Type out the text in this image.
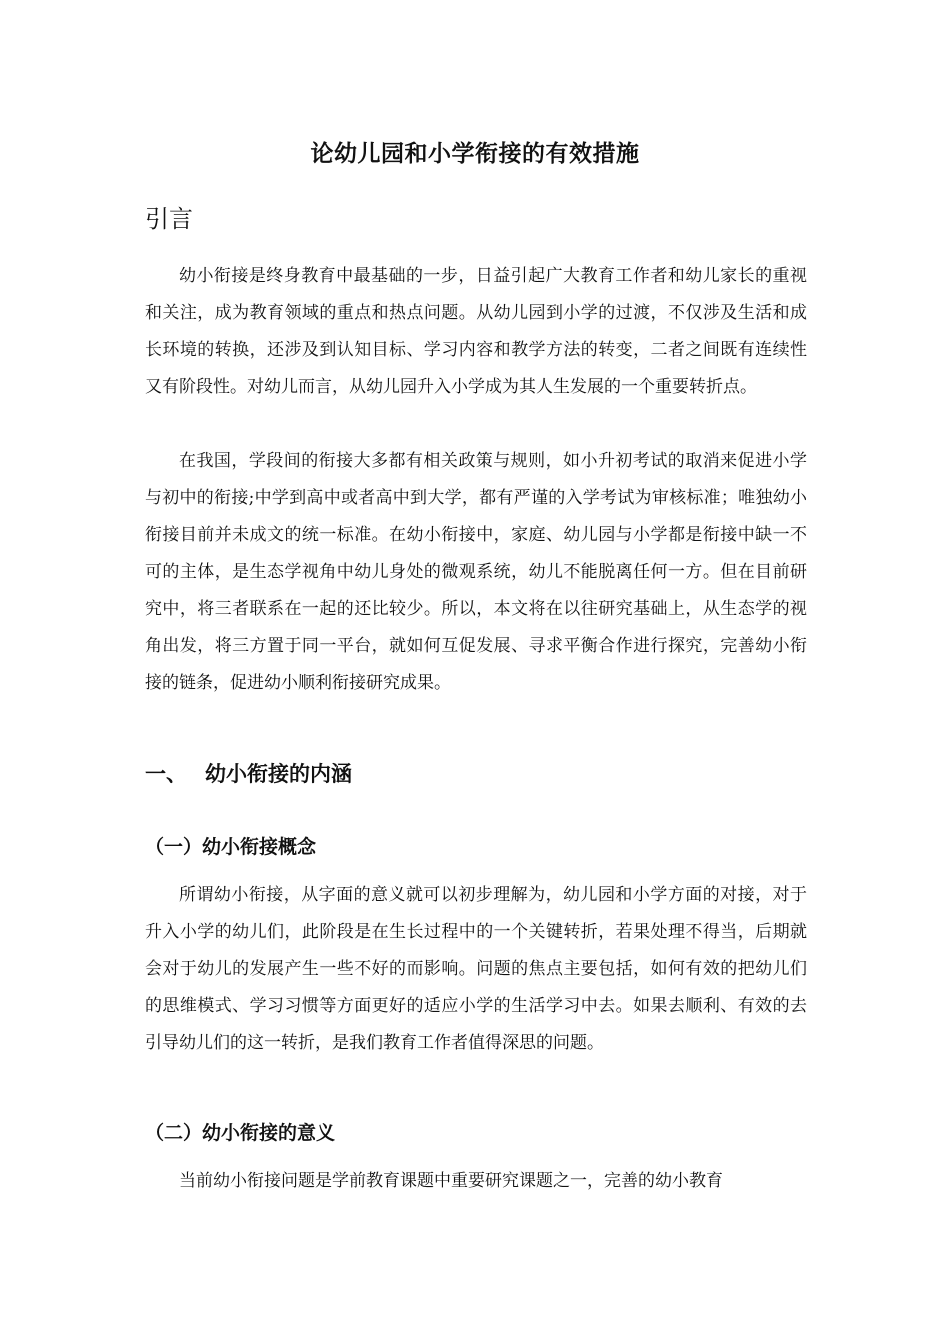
论幼儿园和小学衔接的有效措施
引言

幼小衔接是终身教育中最基础的一步，日益引起广大教育工作者和幼儿家长的重视和关注，成为教育领域的重点和热点问题。从幼儿园到小学的过渡，不仅涉及生活和成长环境的转换，还涉及到认知目标、学习内容和教学方法的转变，二者之间既有连续性又有阶段性。对幼儿而言，从幼儿园升入小学成为其人生发展的一个重要转折点。

在我国，学段间的衔接大多都有相关政策与规则，如小升初考试的取消来促进小学与初中的衔接;中学到高中或者高中到大学，都有严谨的入学考试为审核标准；唯独幼小衔接目前并未成文的统一标准。在幼小衔接中，家庭、幼儿园与小学都是衔接中缺一不可的主体，是生态学视角中幼儿身处的微观系统，幼儿不能脱离任何一方。但在目前研究中，将三者联系在一起的还比较少。所以，本文将在以往研究基础上，从生态学的视角出发，将三方置于同一平台，就如何互促发展、寻求平衡合作进行探究，完善幼小衔接的链条，促进幼小顺利衔接研究成果。

一、 幼小衔接的内涵
（一）幼小衔接概念

所谓幼小衔接，从字面的意义就可以初步理解为，幼儿园和小学方面的对接，对于升入小学的幼儿们，此阶段是在生长过程中的一个关键转折，若果处理不得当，后期就会对于幼儿的发展产生一些不好的而影响。问题的焦点主要包括，如何有效的把幼儿们的思维模式、学习习惯等方面更好的适应小学的生活学习中去。如果去顺利、有效的去引导幼儿们的这一转折，是我们教育工作者值得深思的问题。

（二）幼小衔接的意义

当前幼小衔接问题是学前教育课题中重要研究课题之一，完善的幼小教育
